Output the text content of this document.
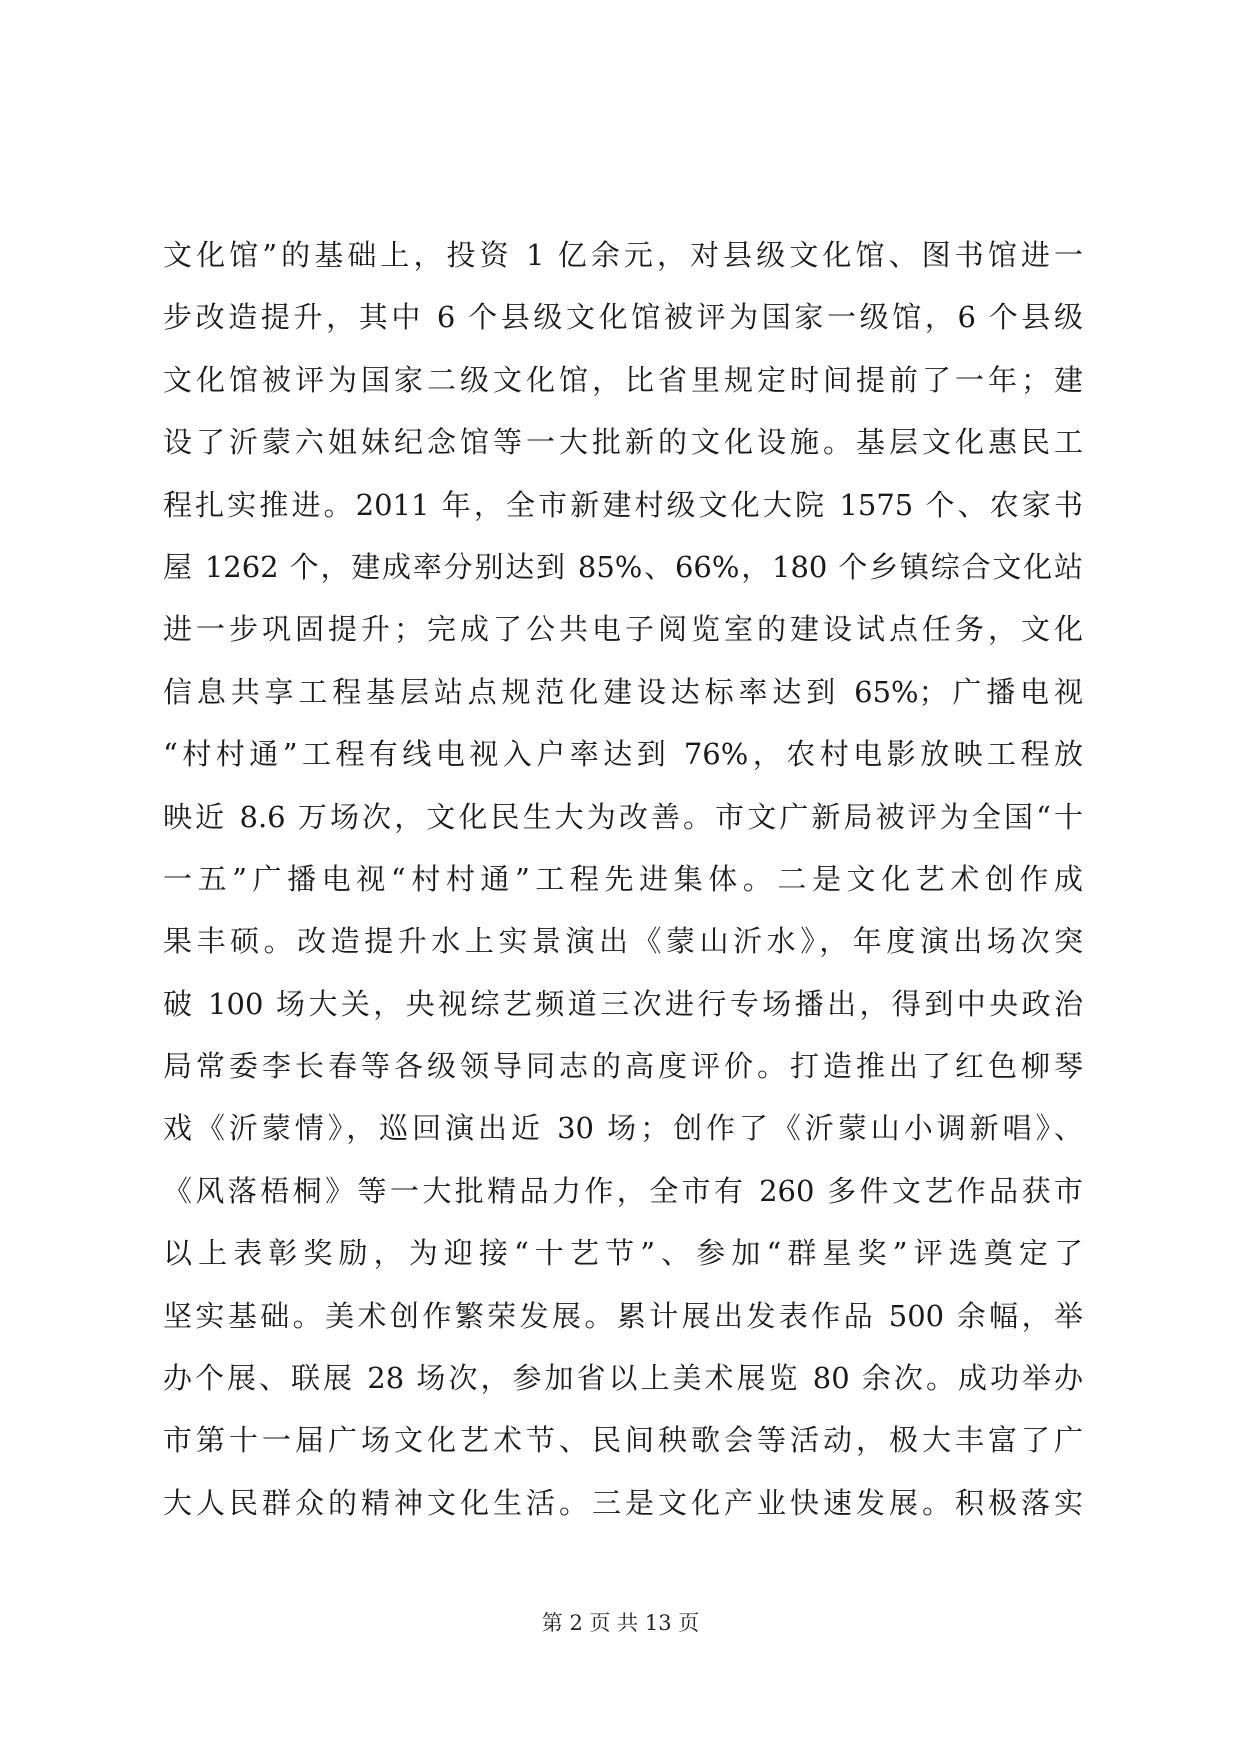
文化馆”的基础上，投资 1 亿余元，对县级文化馆、图书馆进一
步改造提升，其中 6 个县级文化馆被评为国家一级馆，6 个县级
文化馆被评为国家二级文化馆，比省里规定时间提前了一年；建
设了沂蒙六姐妹纪念馆等一大批新的文化设施。基层文化惠民工
程扎实推进。2011 年，全市新建村级文化大院 1575 个、农家书
屋 1262 个，建成率分别达到 85%、66%，180 个乡镇综合文化站
进一步巩固提升；完成了公共电子阅览室的建设试点任务，文化
信息共享工程基层站点规范化建设达标率达到 65%；广播电视
“村村通”工程有线电视入户率达到 76%，农村电影放映工程放
映近 8.6 万场次，文化民生大为改善。市文广新局被评为全国“十
一五”广播电视“村村通”工程先进集体。二是文化艺术创作成
果丰硕。改造提升水上实景演出《蒙山沂水》，年度演出场次突
破 100 场大关，央视综艺频道三次进行专场播出，得到中央政治
局常委李长春等各级领导同志的高度评价。打造推出了红色柳琴
戏《沂蒙情》，巡回演出近 30 场；创作了《沂蒙山小调新唱》、
《风落梧桐》等一大批精品力作，全市有 260 多件文艺作品获市
以上表彰奖励，为迎接“十艺节”、参加“群星奖”评选奠定了
坚实基础。美术创作繁荣发展。累计展出发表作品 500 余幅，举
办个展、联展 28 场次，参加省以上美术展览 80 余次。成功举办
市第十一届广场文化艺术节、民间秧歌会等活动，极大丰富了广
大人民群众的精神文化生活。三是文化产业快速发展。积极落实
第 2 页 共 13 页
